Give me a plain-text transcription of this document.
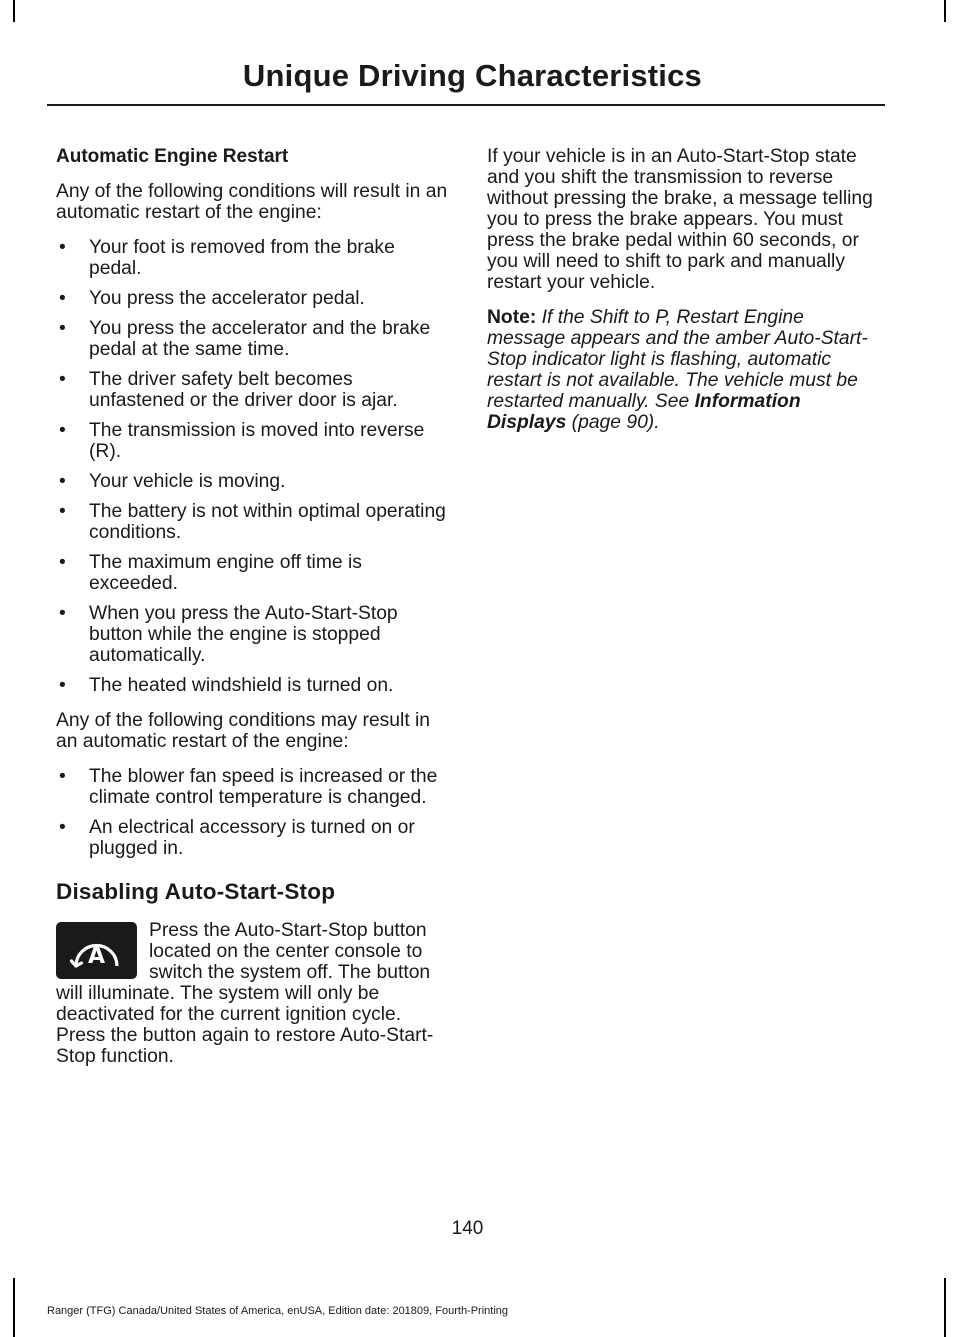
Unique Driving Characteristics
Automatic Engine Restart

Any of the following conditions will result in an automatic restart of the engine:

• Your foot is removed from the brake pedal.
• You press the accelerator pedal.
• You press the accelerator and the brake pedal at the same time.
• The driver safety belt becomes unfastened or the driver door is ajar.
• The transmission is moved into reverse (R).
• Your vehicle is moving.
• The battery is not within optimal operating conditions.
• The maximum engine off time is exceeded.
• When you press the Auto-Start-Stop button while the engine is stopped automatically.
• The heated windshield is turned on.

Any of the following conditions may result in an automatic restart of the engine:

• The blower fan speed is increased or the climate control temperature is changed.
• An electrical accessory is turned on or plugged in.
Disabling Auto-Start-Stop
A
Press the Auto-Start-Stop button located on the center console to switch the system off. The button will illuminate. The system will only be deactivated for the current ignition cycle. Press the button again to restore Auto-Start-Stop function.

If your vehicle is in an Auto-Start-Stop state and you shift the transmission to reverse without pressing the brake, a message telling you to press the brake appears. You must press the brake pedal within 60 seconds, or you will need to shift to park and manually restart your vehicle.

Note: If the Shift to P, Restart Engine message appears and the amber Auto-Start-Stop indicator light is flashing, automatic restart is not available. The vehicle must be restarted manually. See Information Displays (page 90).

140
Ranger (TFG) Canada/United States of America, enUSA, Edition date: 201809, Fourth-Printing
